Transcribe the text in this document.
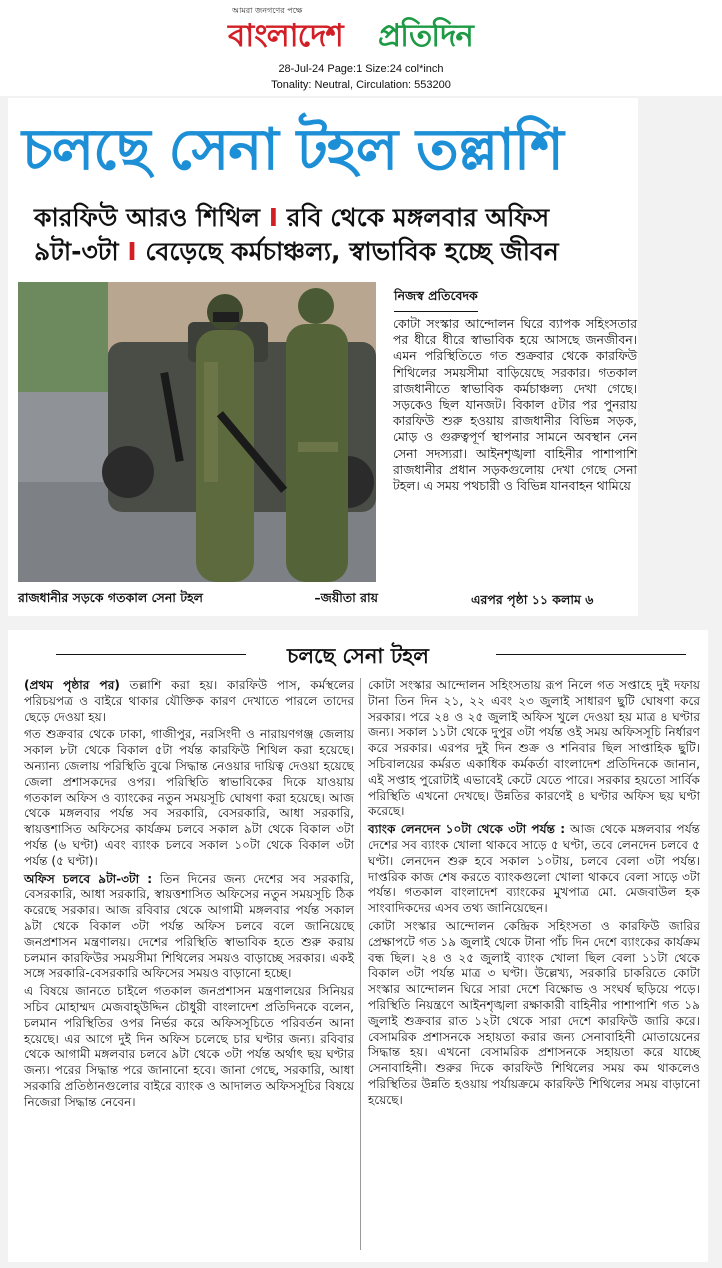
আমরা জনগণের পক্ষে
বাংলাদেশ প্রতিদিন
28-Jul-24 Page:1 Size:24 col*inch
Tonality: Neutral, Circulation: 553200
চলছে সেনা টহল তল্লাশি
কারফিউ আরও শিথিল I রবি থেকে মঙ্গলবার অফিস
৯টা-৩টা I বেড়েছে কর্মচাঞ্চল্য, স্বাভাবিক হচ্ছে জীবন
রাজধানীর সড়কে গতকাল সেনা টহল	–জয়ীতা রায়
নিজস্ব প্রতিবেদক
কোটা সংস্কার আন্দোলন ঘিরে ব্যাপক সহিংসতার পর ধীরে ধীরে স্বাভাবিক হয়ে আসছে জনজীবন। এমন পরিস্থিতিতে গত শুক্রবার থেকে কারফিউ শিথিলের সময়সীমা বাড়িয়েছে সরকার। গতকাল রাজধানীতে স্বাভাবিক কর্মচাঞ্চল্য দেখা গেছে। সড়কেও ছিল যানজট। বিকাল ৫টার পর পুনরায় কারফিউ শুরু হওয়ায় রাজধানীর বিভিন্ন সড়ক, মোড় ও গুরুত্বপূর্ণ স্থাপনার সামনে অবস্থান নেন সেনা সদস্যরা। আইনশৃঙ্খলা বাহিনীর পাশাপাশি রাজধানীর প্রধান সড়কগুলোয় দেখা গেছে সেনা টহল। এ সময় পথচারী ও বিভিন্ন যানবাহন থামিয়ে
এরপর পৃষ্ঠা ১১ কলাম ৬
চলছে সেনা টহল

(প্রথম পৃষ্ঠার পর) তল্লাশি করা হয়। কারফিউ পাস, কর্মস্থলের পরিচয়পত্র ও বাইরে থাকার যৌক্তিক কারণ দেখাতে পারলে তাদের ছেড়ে দেওয়া হয়।

গত শুক্রবার থেকে ঢাকা, গাজীপুর, নরসিংদী ও নারায়ণগঞ্জ জেলায় সকাল ৮টা থেকে বিকাল ৫টা পর্যন্ত কারফিউ শিথিল করা হয়েছে। অন্যান্য জেলায় পরিস্থিতি বুঝে সিদ্ধান্ত নেওয়ার দায়িত্ব দেওয়া হয়েছে জেলা প্রশাসকদের ওপর। পরিস্থিতি স্বাভাবিকের দিকে যাওয়ায় গতকাল অফিস ও ব্যাংকের নতুন সময়সূচি ঘোষণা করা হয়েছে। আজ থেকে মঙ্গলবার পর্যন্ত সব সরকারি, বেসরকারি, আধা সরকারি, স্বায়ত্তশাসিত অফিসের কার্যক্রম চলবে সকাল ৯টা থেকে বিকাল ৩টা পর্যন্ত (৬ ঘণ্টা) এবং ব্যাংক চলবে সকাল ১০টা থেকে বিকাল ৩টা পর্যন্ত (৫ ঘণ্টা)।

অফিস চলবে ৯টা-৩টা : তিন দিনের জন্য দেশের সব সরকারি, বেসরকারি, আধা সরকারি, স্বায়ত্তশাসিত অফিসের নতুন সময়সূচি ঠিক করেছে সরকার। আজ রবিবার থেকে আগামী মঙ্গলবার পর্যন্ত সকাল ৯টা থেকে বিকাল ৩টা পর্যন্ত অফিস চলবে বলে জানিয়েছে জনপ্রশাসন মন্ত্রণালয়। দেশের পরিস্থিতি স্বাভাবিক হতে শুরু করায় চলমান কারফিউর সময়সীমা শিথিলের সময়ও বাড়াচ্ছে সরকার। একই সঙ্গে সরকারি-বেসরকারি অফিসের সময়ও বাড়ানো হচ্ছে।

এ বিষয়ে জানতে চাইলে গতকাল জনপ্রশাসন মন্ত্রণালয়ের সিনিয়র সচিব মোহাম্মদ মেজবাহ্উদ্দিন চৌধুরী বাংলাদেশ প্রতিদিনকে বলেন, চলমান পরিস্থিতির ওপর নির্ভর করে অফিসসূচিতে পরিবর্তন আনা হয়েছে। এর আগে দুই দিন অফিস চলেছে চার ঘণ্টার জন্য। রবিবার থেকে আগামী মঙ্গলবার চলবে ৯টা থেকে ৩টা পর্যন্ত অর্থাৎ ছয় ঘণ্টার জন্য। পরের সিদ্ধান্ত পরে জানানো হবে। জানা গেছে, সরকারি, আধা সরকারি প্রতিষ্ঠানগুলোর বাইরে ব্যাংক ও আদালত অফিসসূচির বিষয়ে নিজেরা সিদ্ধান্ত নেবেন।

কোটা সংস্কার আন্দোলন সহিংসতায় রূপ নিলে গত সপ্তাহে দুই দফায় টানা তিন দিন ২১, ২২ এবং ২৩ জুলাই সাধারণ ছুটি ঘোষণা করে সরকার। পরে ২৪ ও ২৫ জুলাই অফিস খুলে দেওয়া হয় মাত্র ৪ ঘণ্টার জন্য। সকাল ১১টা থেকে দুপুর ৩টা পর্যন্ত ওই সময় অফিসসূচি নির্ধারণ করে সরকার। এরপর দুই দিন শুক্র ও শনিবার ছিল সাপ্তাহিক ছুটি। সচিবালয়ের কর্মরত একাধিক কর্মকর্তা বাংলাদেশ প্রতিদিনকে জানান, এই সপ্তাহ পুরোটাই এভাবেই কেটে যেতে পারে। সরকার হয়তো সার্বিক পরিস্থিতি এখনো দেখছে। উন্নতির কারণেই ৪ ঘণ্টার অফিস ছয় ঘণ্টা করেছে।

ব্যাংক লেনদেন ১০টা থেকে ৩টা পর্যন্ত : আজ থেকে মঙ্গলবার পর্যন্ত দেশের সব ব্যাংক খোলা থাকবে সাড়ে ৫ ঘণ্টা, তবে লেনদেন চলবে ৫ ঘণ্টা। লেনদেন শুরু হবে সকাল ১০টায়, চলবে বেলা ৩টা পর্যন্ত। দাপ্তরিক কাজ শেষ করতে ব্যাংকগুলো খোলা থাকবে বেলা সাড়ে ৩টা পর্যন্ত। গতকাল বাংলাদেশ ব্যাংকের মুখপাত্র মো. মেজবাউল হক সাংবাদিকদের এসব তথ্য জানিয়েছেন।

কোটা সংস্কার আন্দোলন কেন্দ্রিক সহিংসতা ও কারফিউ জারির প্রেক্ষাপটে গত ১৯ জুলাই থেকে টানা পাঁচ দিন দেশে ব্যাংকের কার্যক্রম বন্ধ ছিল। ২৪ ও ২৫ জুলাই ব্যাংক খোলা ছিল বেলা ১১টা থেকে বিকাল ৩টা পর্যন্ত মাত্র ৩ ঘণ্টা। উল্লেখ্য, সরকারি চাকরিতে কোটা সংস্কার আন্দোলন ঘিরে সারা দেশে বিক্ষোভ ও সংঘর্ষ ছড়িয়ে পড়ে। পরিস্থিতি নিয়ন্ত্রণে আইনশৃঙ্খলা রক্ষাকারী বাহিনীর পাশাপাশি গত ১৯ জুলাই শুক্রবার রাত ১২টা থেকে সারা দেশে কারফিউ জারি করে। বেসামরিক প্রশাসনকে সহায়তা করার জন্য সেনাবাহিনী মোতায়েনের সিদ্ধান্ত হয়। এখনো বেসামরিক প্রশাসনকে সহায়তা করে যাচ্ছে সেনাবাহিনী। শুরুর দিকে কারফিউ শিথিলের সময় কম থাকলেও পরিস্থিতির উন্নতি হওয়ায় পর্যায়ক্রমে কারফিউ শিথিলের সময় বাড়ানো হয়েছে।
